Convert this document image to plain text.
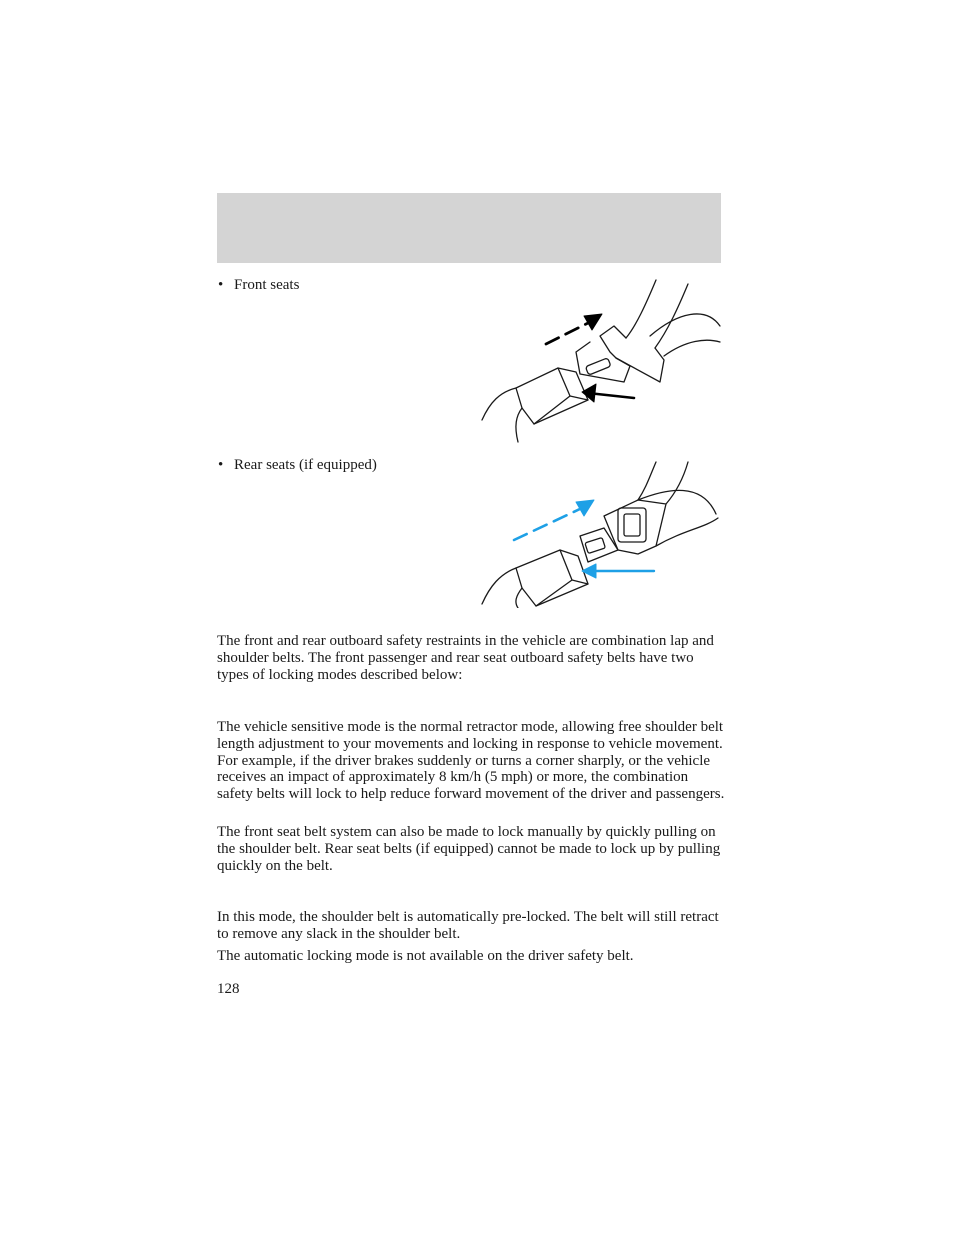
• Front seats
• Rear seats (if equipped)

The front and rear outboard safety restraints in the vehicle are combination lap and shoulder belts. The front passenger and rear seat outboard safety belts have two types of locking modes described below:

The vehicle sensitive mode is the normal retractor mode, allowing free shoulder belt length adjustment to your movements and locking in response to vehicle movement. For example, if the driver brakes suddenly or turns a corner sharply, or the vehicle receives an impact of approximately 8 km/h (5 mph) or more, the combination safety belts will lock to help reduce forward movement of the driver and passengers.

The front seat belt system can also be made to lock manually by quickly pulling on the shoulder belt. Rear seat belts (if equipped) cannot be made to lock up by pulling quickly on the belt.

In this mode, the shoulder belt is automatically pre-locked. The belt will still retract to remove any slack in the shoulder belt.

The automatic locking mode is not available on the driver safety belt.

128
